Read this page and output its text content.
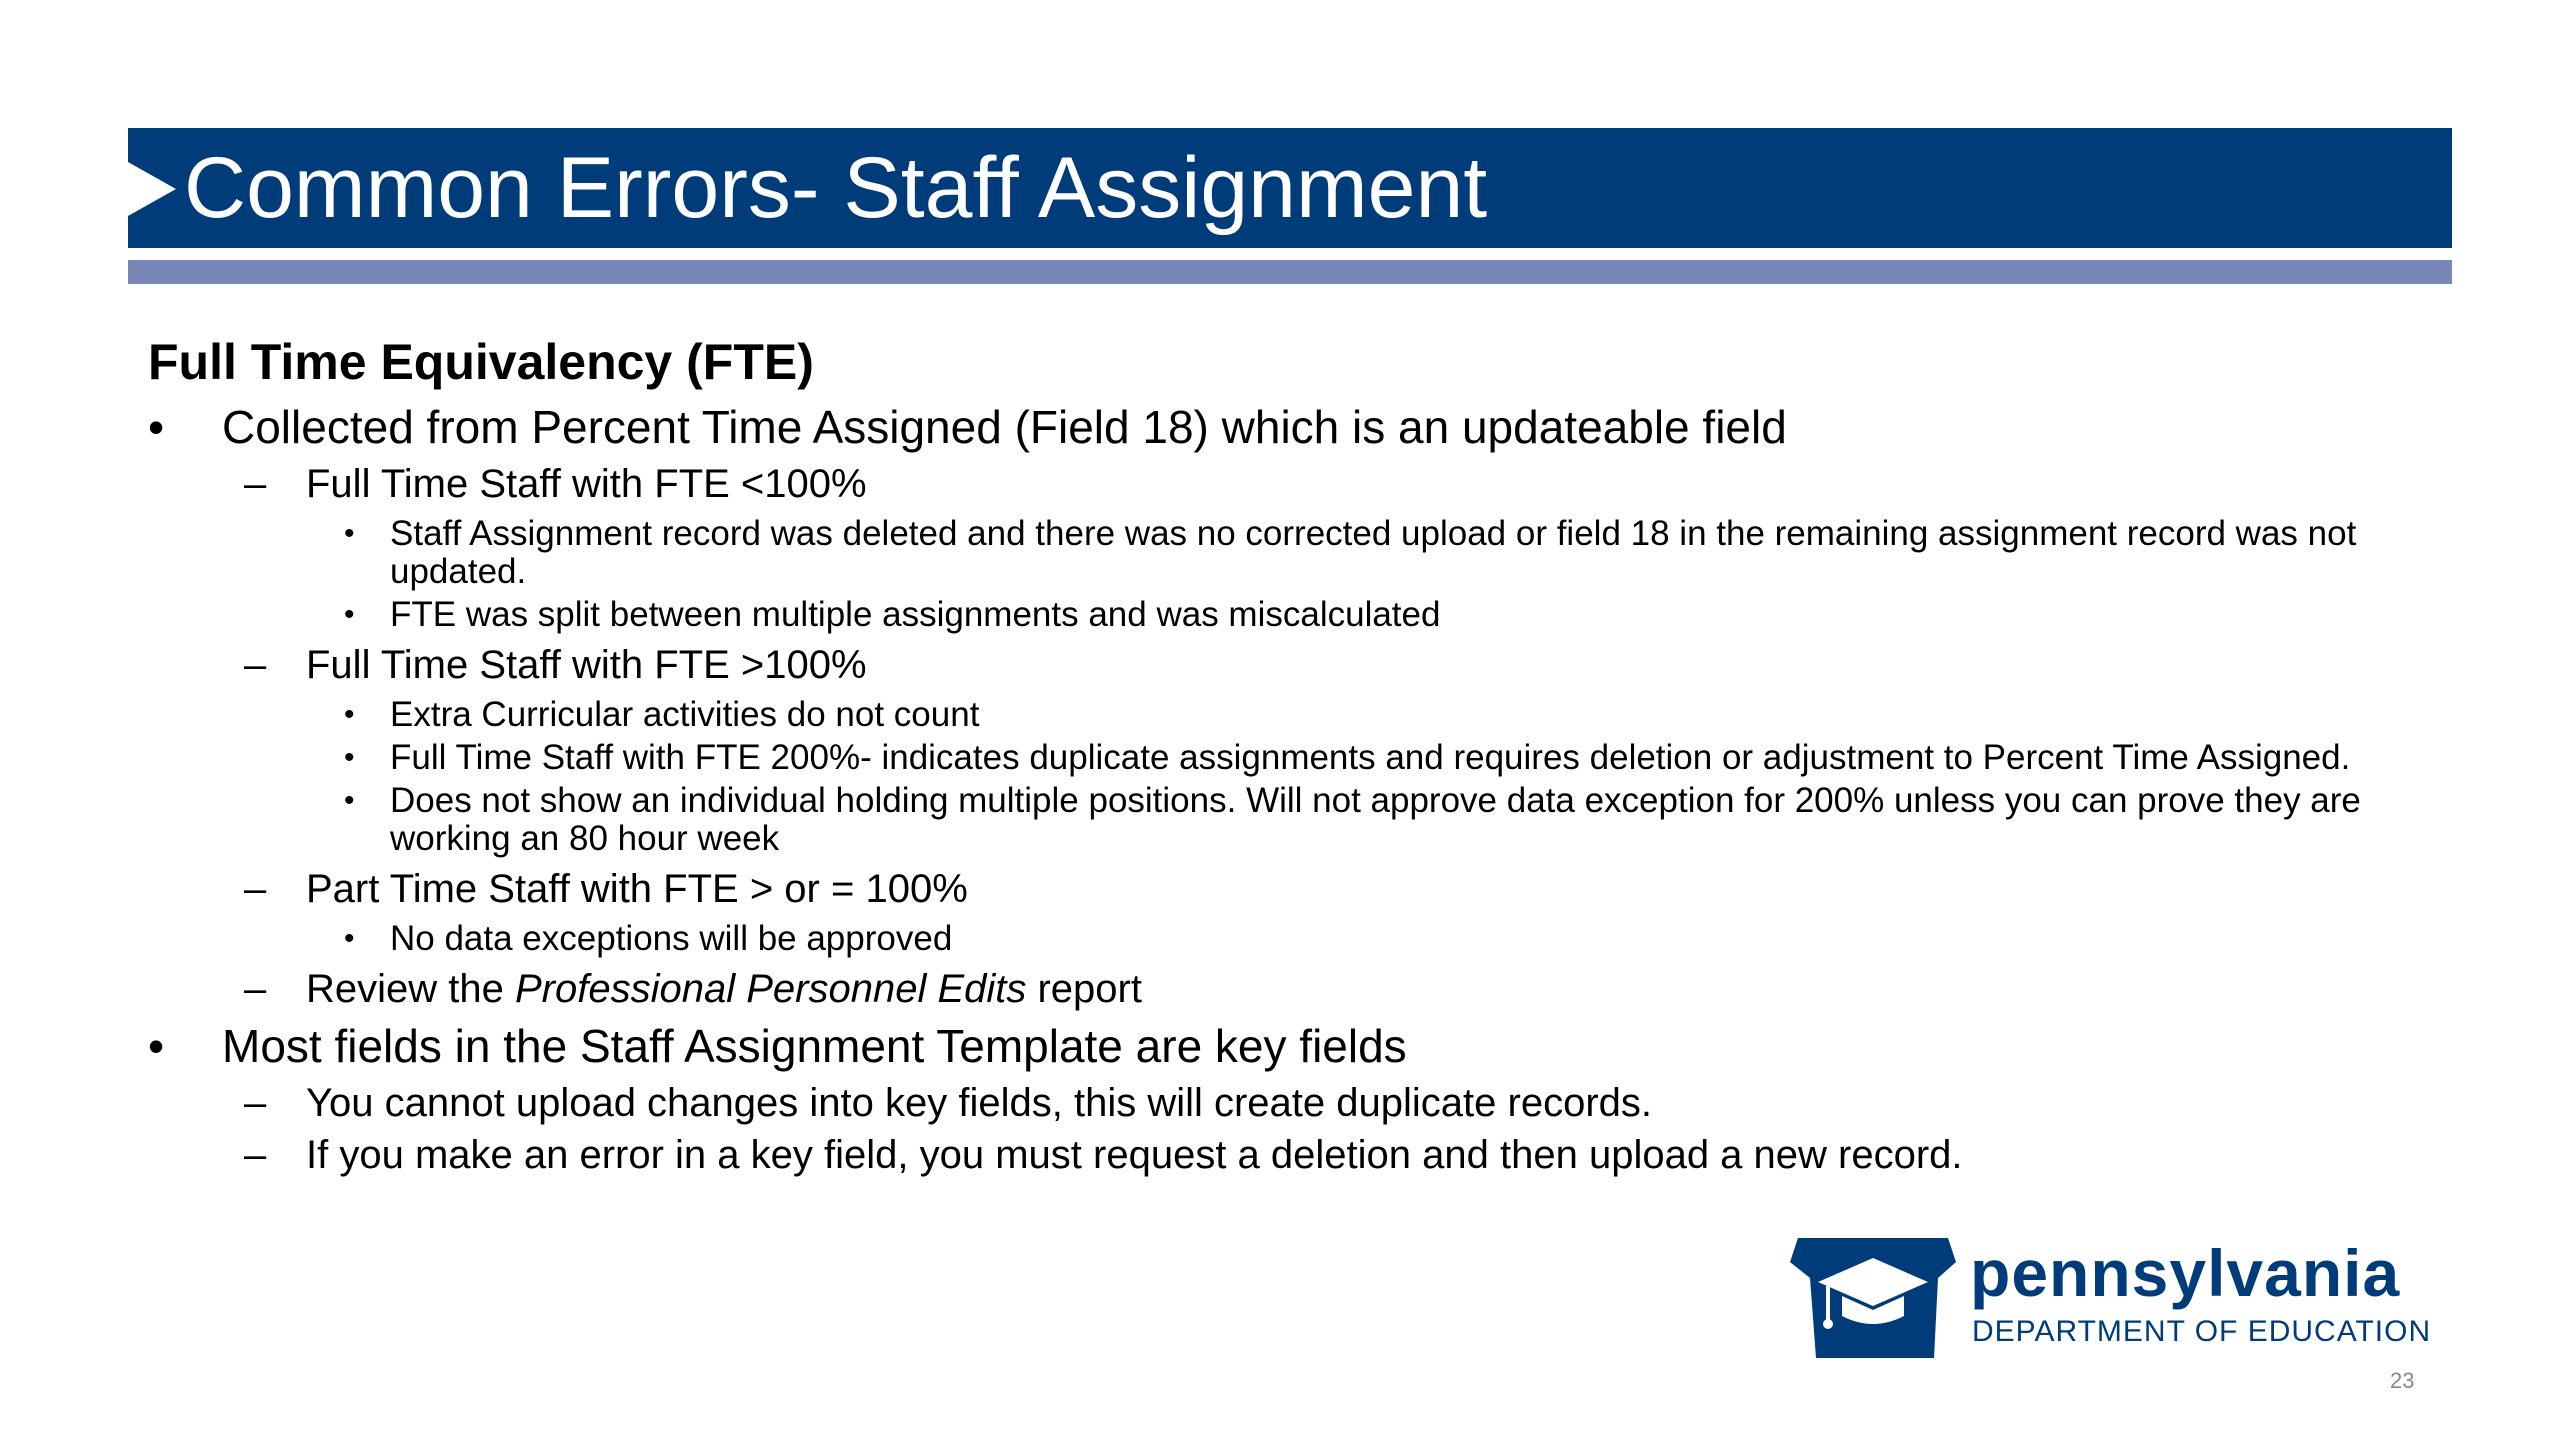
Common Errors- Staff Assignment
Full Time Equivalency (FTE)
• Collected from Percent Time Assigned (Field 18) which is an updateable field
– Full Time Staff with FTE <100%
• Staff Assignment record was deleted and there was no corrected upload or field 18 in the remaining assignment record was not updated.
• FTE was split between multiple assignments and was miscalculated
– Full Time Staff with FTE >100%
• Extra Curricular activities do not count
• Full Time Staff with FTE 200%- indicates duplicate assignments and requires deletion or adjustment to Percent Time Assigned.
• Does not show an individual holding multiple positions. Will not approve data exception for 200% unless you can prove they are working an 80 hour week
– Part Time Staff with FTE > or = 100%
• No data exceptions will be approved
– Review the Professional Personnel Edits report
• Most fields in the Staff Assignment Template are key fields
– You cannot upload changes into key fields, this will create duplicate records.
– If you make an error in a key field, you must request a deletion and then upload a new record.
pennsylvania
DEPARTMENT OF EDUCATION
23
